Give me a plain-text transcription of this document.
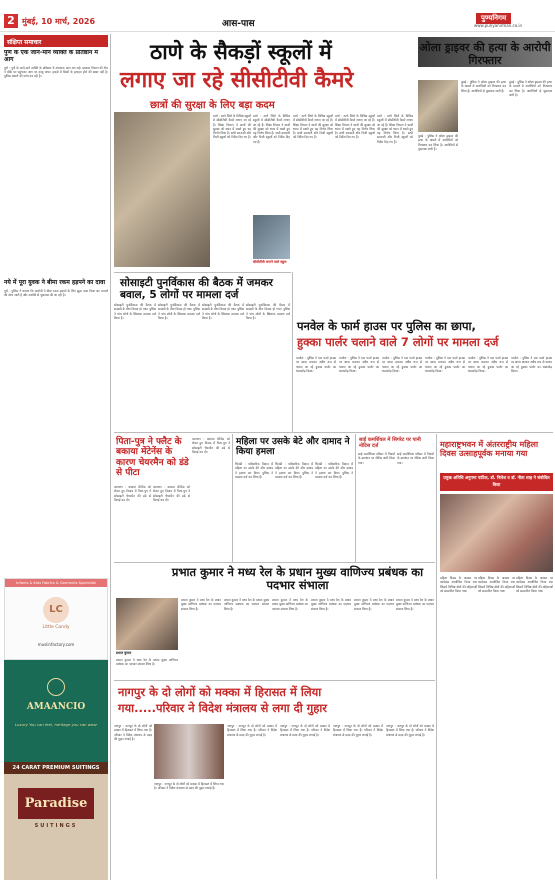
2 मुंबई, 10 मार्च, 2026	आस-पास
पुण्यनिगम
www.punyanirman.co.in
संक्षिप्त समाचार
पुणे के एक जाने-माने व्यक्ति के प्रतिष्ठान में आग
पुणे : पुणे के जाने-माने व्यक्ति के प्रतिष्ठान में अचानक आग लग गई। दमकल विभाग की टीम ने मौके पर पहुंचकर आग पर काबू पाया। हादसे में किसी के हताहत होने की खबर नहीं है। पुलिस मामले की जांच कर रही है।
नये में पूरा युवक ने बीमा रकम हड़पने का दावा
पुणे : पुलिस ने बताया कि आरोपी ने बीमा रकम हड़पने के लिए झूठा दावा किया था। मामले की जांच जारी है और आरोपी से पूछताछ की जा रही है।
Infants & Kids Fabrics & Garments Specialist
LC
Little Candy
muslinfactory.com
AMAANCIO
Luxury You can feel, heritage you can wear
24 CARAT PREMIUM SUITINGS
Paradise
SUITINGS
ठाणे के सैकड़ों स्कूलों में
लगाए जा रहे सीसीटीवी कैमरे
छात्रों की सुरक्षा के लिए बड़ा कदम
ठाणे : ठाणे जिले के विभिन्न स्कूलों में सीसीटीवी कैमरे लगाए जा रहे हैं। शिक्षा विभाग ने छात्रों की सुरक्षा को ध्यान में रखते हुए यह निर्णय लिया है। सभी सरकारी और निजी स्कूलों को निर्देश दिए गए हैं।
ठाणे : ठाणे जिले के विभिन्न स्कूलों में सीसीटीवी कैमरे लगाए जा रहे हैं। शिक्षा विभाग ने छात्रों की सुरक्षा को ध्यान में रखते हुए यह निर्णय लिया है। सभी सरकारी और निजी स्कूलों को निर्देश दिए गए हैं।
सीसीटीवी लगाने वाले स्कूल
ठाणे : ठाणे जिले के विभिन्न स्कूलों में सीसीटीवी कैमरे लगाए जा रहे हैं। शिक्षा विभाग ने छात्रों की सुरक्षा को ध्यान में रखते हुए यह निर्णय लिया है। सभी सरकारी और निजी स्कूलों को निर्देश दिए गए हैं।
ठाणे : ठाणे जिले के विभिन्न स्कूलों में सीसीटीवी कैमरे लगाए जा रहे हैं। शिक्षा विभाग ने छात्रों की सुरक्षा को ध्यान में रखते हुए यह निर्णय लिया है। सभी सरकारी और निजी स्कूलों को निर्देश दिए गए हैं।
ठाणे : ठाणे जिले के विभिन्न स्कूलों में सीसीटीवी कैमरे लगाए जा रहे हैं। शिक्षा विभाग ने छात्रों की सुरक्षा को ध्यान में रखते हुए यह निर्णय लिया है। सभी सरकारी और निजी स्कूलों को निर्देश दिए गए हैं।
ओला ड्राइवर की हत्या के आरोपी गिरफ्तार
मुंबई : पुलिस ने ओला ड्राइवर की हत्या के मामले में आरोपियों को गिरफ्तार कर लिया है। आरोपियों से पूछताछ जारी है।
मुंबई : पुलिस ने ओला ड्राइवर की हत्या के मामले में आरोपियों को गिरफ्तार कर लिया है। आरोपियों से पूछताछ जारी है।
मुंबई : पुलिस ने ओला ड्राइवर की हत्या के मामले में आरोपियों को गिरफ्तार कर लिया है। आरोपियों से पूछताछ जारी है।
सोसाइटी पुनर्विकास की बैठक में जमकर बवाल, 5 लोगों पर मामला दर्ज
सोसाइटी पुनर्विकास की बैठक में सदस्यों के बीच विवाद हो गया। पुलिस ने पांच लोगों के खिलाफ मामला दर्ज किया है।
सोसाइटी पुनर्विकास की बैठक में सदस्यों के बीच विवाद हो गया। पुलिस ने पांच लोगों के खिलाफ मामला दर्ज किया है।
सोसाइटी पुनर्विकास की बैठक में सदस्यों के बीच विवाद हो गया। पुलिस ने पांच लोगों के खिलाफ मामला दर्ज किया है।
सोसाइटी पुनर्विकास की बैठक में सदस्यों के बीच विवाद हो गया। पुलिस ने पांच लोगों के खिलाफ मामला दर्ज किया है।
पनवेल के फार्म हाउस पर पुलिस का छापा,
हुक्का पार्लर चलाने वाले 7 लोगों पर मामला दर्ज
पनवेल : पुलिस ने एक फार्म हाउस पर छापा मारकर अवैध रूप से चलाए जा रहे हुक्का पार्लर का भंडाफोड़ किया।
पनवेल : पुलिस ने एक फार्म हाउस पर छापा मारकर अवैध रूप से चलाए जा रहे हुक्का पार्लर का भंडाफोड़ किया।
पनवेल : पुलिस ने एक फार्म हाउस पर छापा मारकर अवैध रूप से चलाए जा रहे हुक्का पार्लर का भंडाफोड़ किया।
पनवेल : पुलिस ने एक फार्म हाउस पर छापा मारकर अवैध रूप से चलाए जा रहे हुक्का पार्लर का भंडाफोड़ किया।
पनवेल : पुलिस ने एक फार्म हाउस पर छापा मारकर अवैध रूप से चलाए जा रहे हुक्का पार्लर का भंडाफोड़ किया।
पनवेल : पुलिस ने एक फार्म हाउस पर छापा मारकर अवैध रूप से चलाए जा रहे हुक्का पार्लर का भंडाफोड़ किया।
पिता-पुत्र ने फ्लैट के बकाया मेंटेनेंस के कारण चेयरमैन को डंडे से पीटा
कल्याण : बकाया मेंटेनेंस को लेकर हुए विवाद में पिता-पुत्र ने सोसाइटी चेयरमैन की डंडे से पिटाई कर दी।
कल्याण : बकाया मेंटेनेंस को लेकर हुए विवाद में पिता-पुत्र ने सोसाइटी चेयरमैन की डंडे से पिटाई कर दी।
कल्याण : बकाया मेंटेनेंस को लेकर हुए विवाद में पिता-पुत्र ने सोसाइटी चेयरमैन की डंडे से पिटाई कर दी।
महिला पर उसके बेटे और दामाद ने किया हमला
भिवंडी : पारिवारिक विवाद में महिला पर उसके बेटे और दामाद ने हमला कर दिया। पुलिस ने मामला दर्ज कर लिया है।
भिवंडी : पारिवारिक विवाद में महिला पर उसके बेटे और दामाद ने हमला कर दिया। पुलिस ने मामला दर्ज कर लिया है।
भिवंडी : पारिवारिक विवाद में महिला पर उसके बेटे और दामाद ने हमला कर दिया। पुलिस ने मामला दर्ज कर लिया है।
साईं कमर्शियल में सिगरेट पर पानी नोटिस दर्ज
साईं कमर्शियल परिसर में नियमों के उल्लंघन पर नोटिस जारी किया गया।
साईं कमर्शियल परिसर में नियमों के उल्लंघन पर नोटिस जारी किया गया।
महाराष्ट्रभवन में अंतरराष्ट्रीय महिला दिवस उत्साहपूर्वक मनाया गया
प्रमुख अतिथि अनुपमा पाटिल, डॉ. निलेश व डॉ. नीता शाह ने संबोधित किया
महिला दिवस के अवसर पर कार्यक्रम आयोजित किया गया जिसमें विभिन्न क्षेत्रों की महिलाओं को सम्मानित किया गया।
महिला दिवस के अवसर पर कार्यक्रम आयोजित किया गया जिसमें विभिन्न क्षेत्रों की महिलाओं को सम्मानित किया गया।
महिला दिवस के अवसर पर कार्यक्रम आयोजित किया गया जिसमें विभिन्न क्षेत्रों की महिलाओं को सम्मानित किया गया।
प्रभात कुमार ने मध्य रेल के प्रधान मुख्य वाणिज्य प्रबंधक का पदभार संभाला
प्रभात कुमार
प्रभात कुमार ने मध्य रेल के प्रधान मुख्य वाणिज्य प्रबंधक का पदभार संभाल लिया है।
प्रभात कुमार ने मध्य रेल के प्रधान मुख्य वाणिज्य प्रबंधक का पदभार संभाल लिया है।
प्रभात कुमार ने मध्य रेल के प्रधान मुख्य वाणिज्य प्रबंधक का पदभार संभाल लिया है।
प्रभात कुमार ने मध्य रेल के प्रधान मुख्य वाणिज्य प्रबंधक का पदभार संभाल लिया है।
प्रभात कुमार ने मध्य रेल के प्रधान मुख्य वाणिज्य प्रबंधक का पदभार संभाल लिया है।
प्रभात कुमार ने मध्य रेल के प्रधान मुख्य वाणिज्य प्रबंधक का पदभार संभाल लिया है।
प्रभात कुमार ने मध्य रेल के प्रधान मुख्य वाणिज्य प्रबंधक का पदभार संभाल लिया है।
नागपुर के दो लोगों को मक्का में हिरासत में लिया
गया.....परिवार ने विदेश मंत्रालय से लगा दी गुहार
नागपुर : नागपुर के दो लोगों को मक्का में हिरासत में लिया गया है। परिवार ने विदेश मंत्रालय से मदद की गुहार लगाई है।
नागपुर : नागपुर के दो लोगों को मक्का में हिरासत में लिया गया है। परिवार ने विदेश मंत्रालय से मदद की गुहार लगाई है।
नागपुर : नागपुर के दो लोगों को मक्का में हिरासत में लिया गया है। परिवार ने विदेश मंत्रालय से मदद की गुहार लगाई है।
नागपुर : नागपुर के दो लोगों को मक्का में हिरासत में लिया गया है। परिवार ने विदेश मंत्रालय से मदद की गुहार लगाई है।
नागपुर : नागपुर के दो लोगों को मक्का में हिरासत में लिया गया है। परिवार ने विदेश मंत्रालय से मदद की गुहार लगाई है।
नागपुर : नागपुर के दो लोगों को मक्का में हिरासत में लिया गया है। परिवार ने विदेश मंत्रालय से मदद की गुहार लगाई है।
